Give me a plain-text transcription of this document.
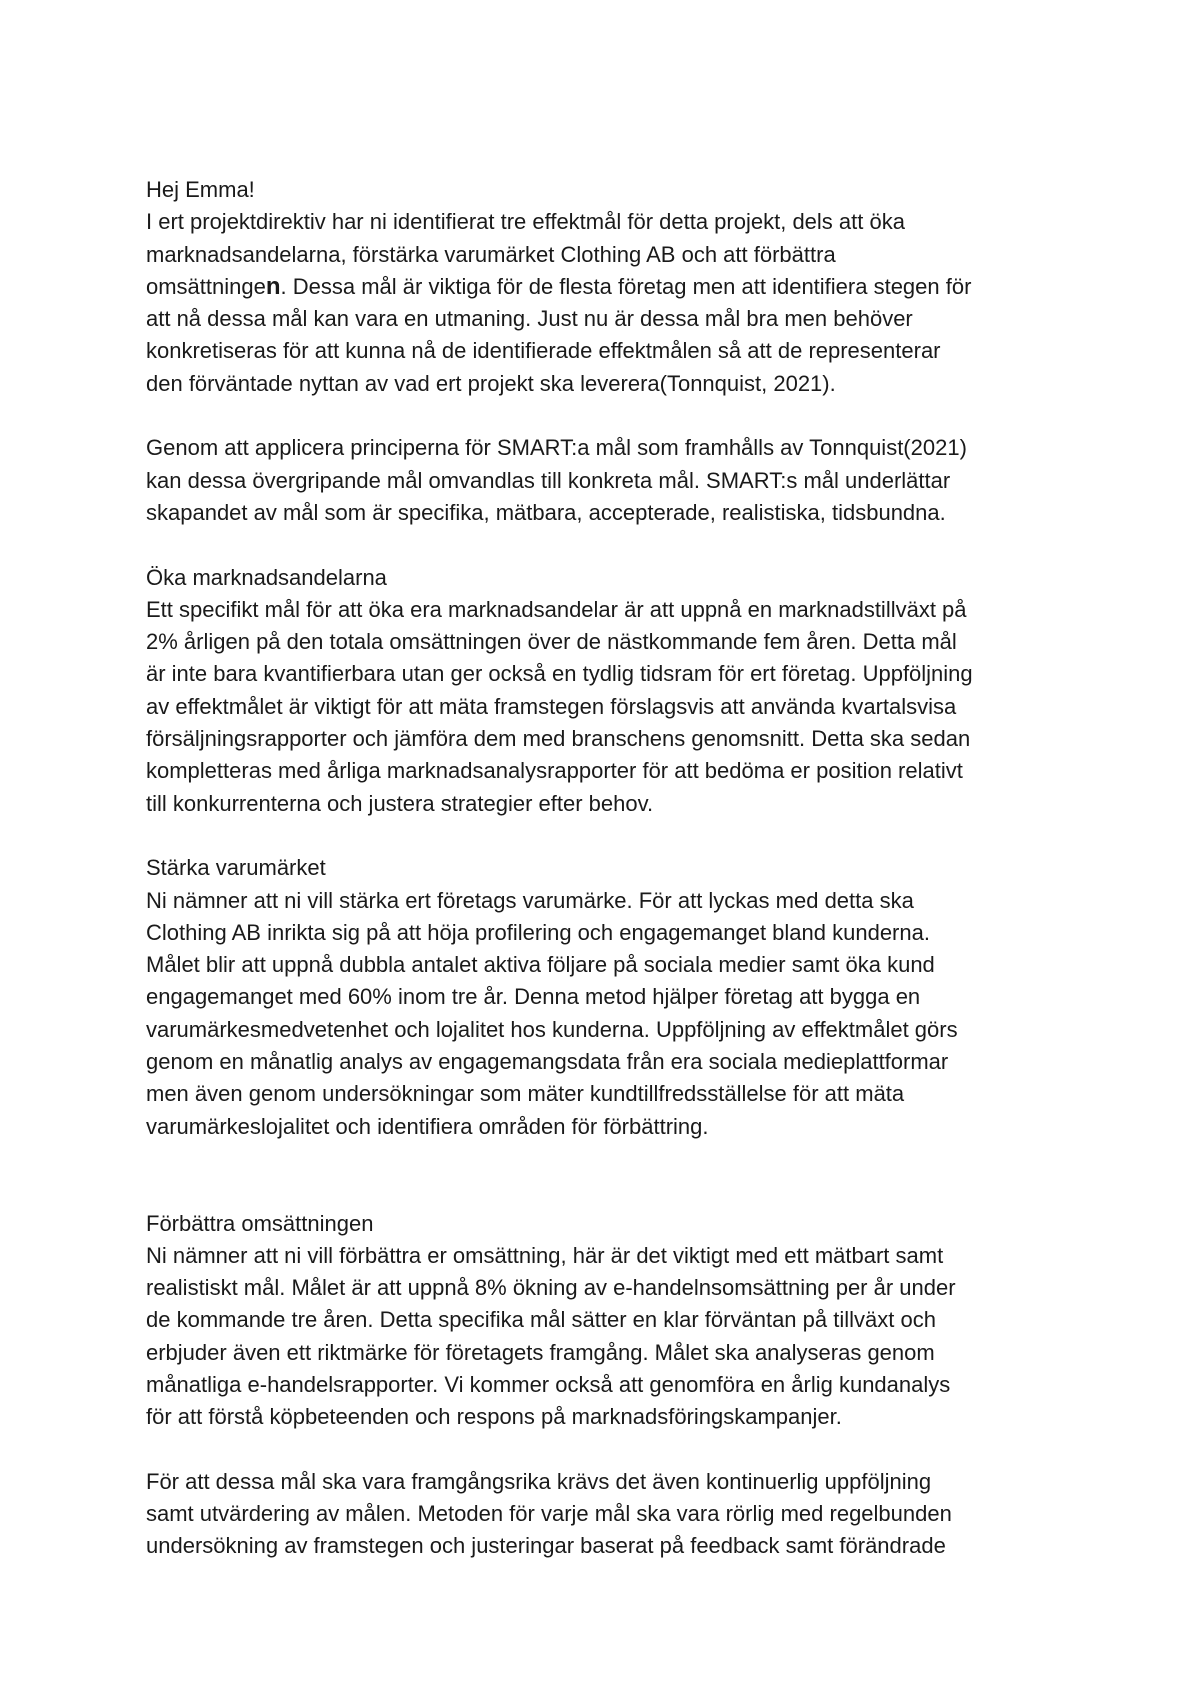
Hej Emma!
I ert projektdirektiv har ni identifierat tre effektmål för detta projekt, dels att öka
marknadsandelarna, förstärka varumärket Clothing AB och att förbättra
omsättningen. Dessa mål är viktiga för de flesta företag men att identifiera stegen för
att nå dessa mål kan vara en utmaning. Just nu är dessa mål bra men behöver
konkretiseras för att kunna nå de identifierade effektmålen så att de representerar
den förväntade nyttan av vad ert projekt ska leverera(Tonnquist, 2021).
Genom att applicera principerna för SMART:a mål som framhålls av Tonnquist(2021)
kan dessa övergripande mål omvandlas till konkreta mål. SMART:s mål underlättar
skapandet av mål som är specifika, mätbara, accepterade, realistiska, tidsbundna.
Öka marknadsandelarna
Ett specifikt mål för att öka era marknadsandelar är att uppnå en marknadstillväxt på
2% årligen på den totala omsättningen över de nästkommande fem åren. Detta mål
är inte bara kvantifierbara utan ger också en tydlig tidsram för ert företag. Uppföljning
av effektmålet är viktigt för att mäta framstegen förslagsvis att använda kvartalsvisa
försäljningsrapporter och jämföra dem med branschens genomsnitt. Detta ska sedan
kompletteras med årliga marknadsanalysrapporter för att bedöma er position relativt
till konkurrenterna och justera strategier efter behov.
Stärka varumärket
Ni nämner att ni vill stärka ert företags varumärke. För att lyckas med detta ska
Clothing AB inrikta sig på att höja profilering och engagemanget bland kunderna.
Målet blir att uppnå dubbla antalet aktiva följare på sociala medier samt öka kund
engagemanget med 60% inom tre år. Denna metod hjälper företag att bygga en
varumärkesmedvetenhet och lojalitet hos kunderna. Uppföljning av effektmålet görs
genom en månatlig analys av engagemangsdata från era sociala medieplattformar
men även genom undersökningar som mäter kundtillfredsställelse för att mäta
varumärkeslojalitet och identifiera områden för förbättring.
Förbättra omsättningen
Ni nämner att ni vill förbättra er omsättning, här är det viktigt med ett mätbart samt
realistiskt mål. Målet är att uppnå 8% ökning av e-handelnsomsättning per år under
de kommande tre åren. Detta specifika mål sätter en klar förväntan på tillväxt och
erbjuder även ett riktmärke för företagets framgång. Målet ska analyseras genom
månatliga e-handelsrapporter. Vi kommer också att genomföra en årlig kundanalys
för att förstå köpbeteenden och respons på marknadsföringskampanjer.
För att dessa mål ska vara framgångsrika krävs det även kontinuerlig uppföljning
samt utvärdering av målen. Metoden för varje mål ska vara rörlig med regelbunden
undersökning av framstegen och justeringar baserat på feedback samt förändrade
